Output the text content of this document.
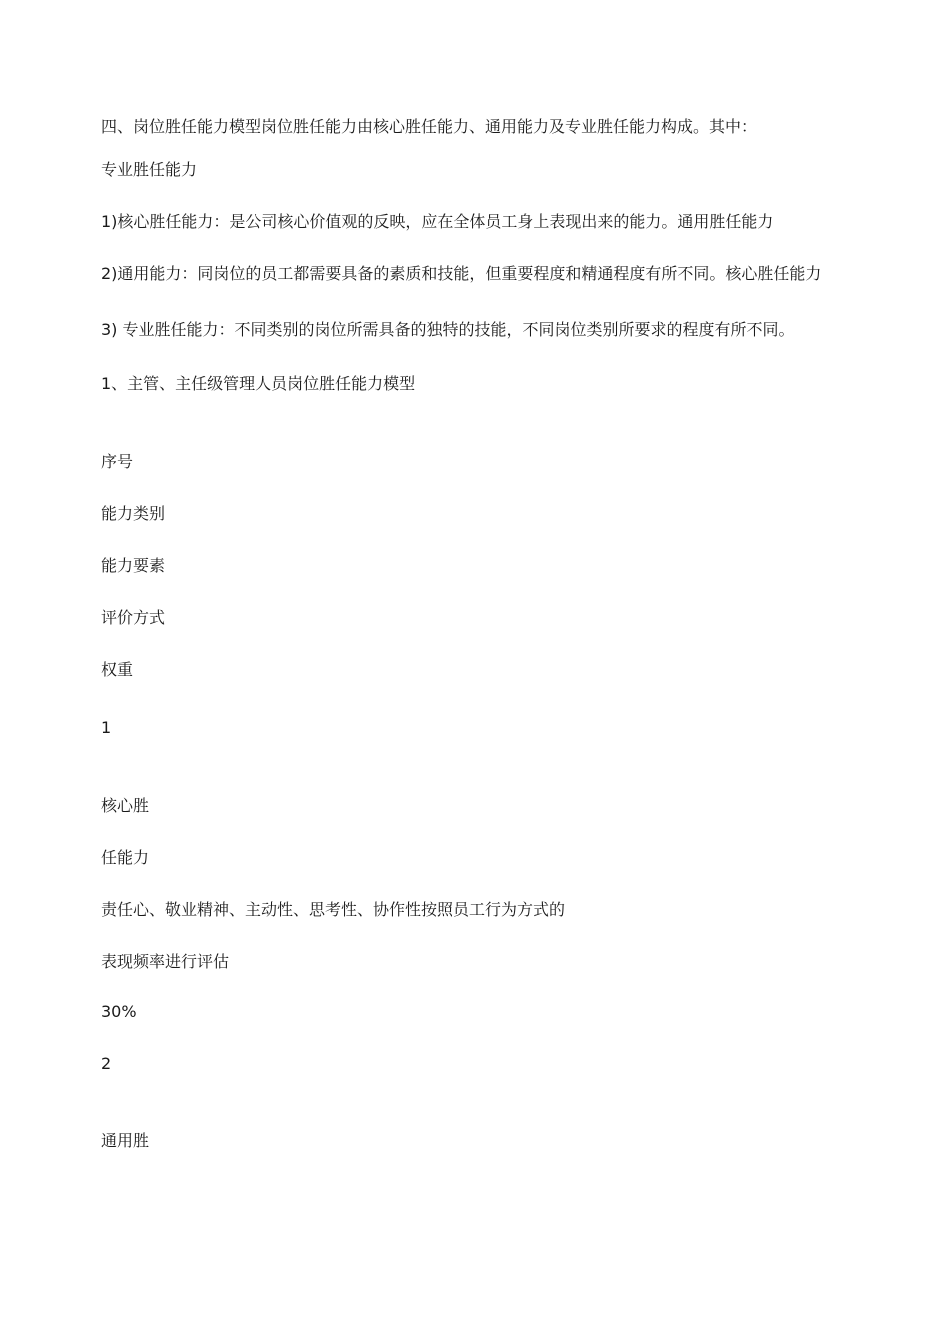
四、岗位胜任能力模型岗位胜任能力由核心胜任能力、通用能力及专业胜任能力构成。其中：
专业胜任能力
1)核心胜任能力：是公司核心价值观的反映，应在全体员工身上表现出来的能力。通用胜任能力
2)通用能力：同岗位的员工都需要具备的素质和技能，但重要程度和精通程度有所不同。核心胜任能力
3) 专业胜任能力：不同类别的岗位所需具备的独特的技能，不同岗位类别所要求的程度有所不同。
1、主管、主任级管理人员岗位胜任能力模型
序号
能力类别
能力要素
评价方式
权重
1
核心胜
任能力
责任心、敬业精神、主动性、思考性、协作性按照员工行为方式的
表现频率进行评估
30%
2
通用胜
